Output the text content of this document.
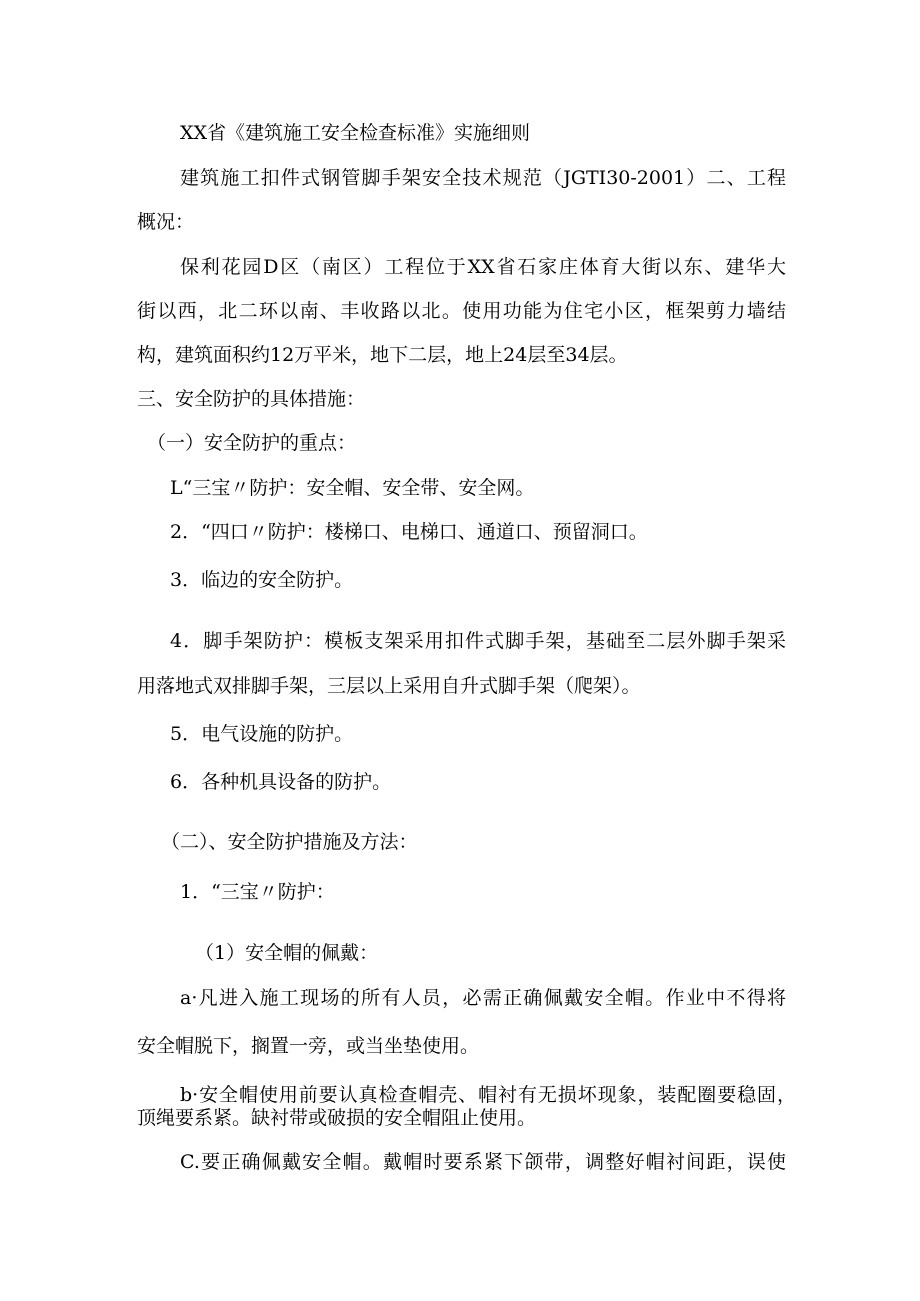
XX省《建筑施工安全检查标准》实施细则
建筑施工扣件式钢管脚手架安全技术规范（JGTI30-2001）二、工程
概况：
保利花园D区（南区）工程位于XX省石家庄体育大街以东、建华大
街以西，北二环以南、丰收路以北。使用功能为住宅小区，框架剪力墙结
构，建筑面积约12万平米，地下二层，地上24层至34层。
三、安全防护的具体措施：
（一）安全防护的重点：
L“三宝〃防护：安全帽、安全带、安全网。
2．“四口〃防护：楼梯口、电梯口、通道口、预留洞口。
3．临边的安全防护。
4．脚手架防护：模板支架采用扣件式脚手架，基础至二层外脚手架采
用落地式双排脚手架，三层以上采用自升式脚手架（爬架）。
5．电气设施的防护。
6．各种机具设备的防护。
（二）、安全防护措施及方法：
1．“三宝〃防护：
（1）安全帽的佩戴：
a·凡进入施工现场的所有人员，必需正确佩戴安全帽。作业中不得将
安全帽脱下，搁置一旁，或当坐垫使用。
b·安全帽使用前要认真检查帽壳、帽衬有无损坏现象，装配圈要稳固，
顶绳要系紧。缺衬带或破损的安全帽阻止使用。
C.要正确佩戴安全帽。戴帽时要系紧下颌带，调整好帽衬间距，误使
